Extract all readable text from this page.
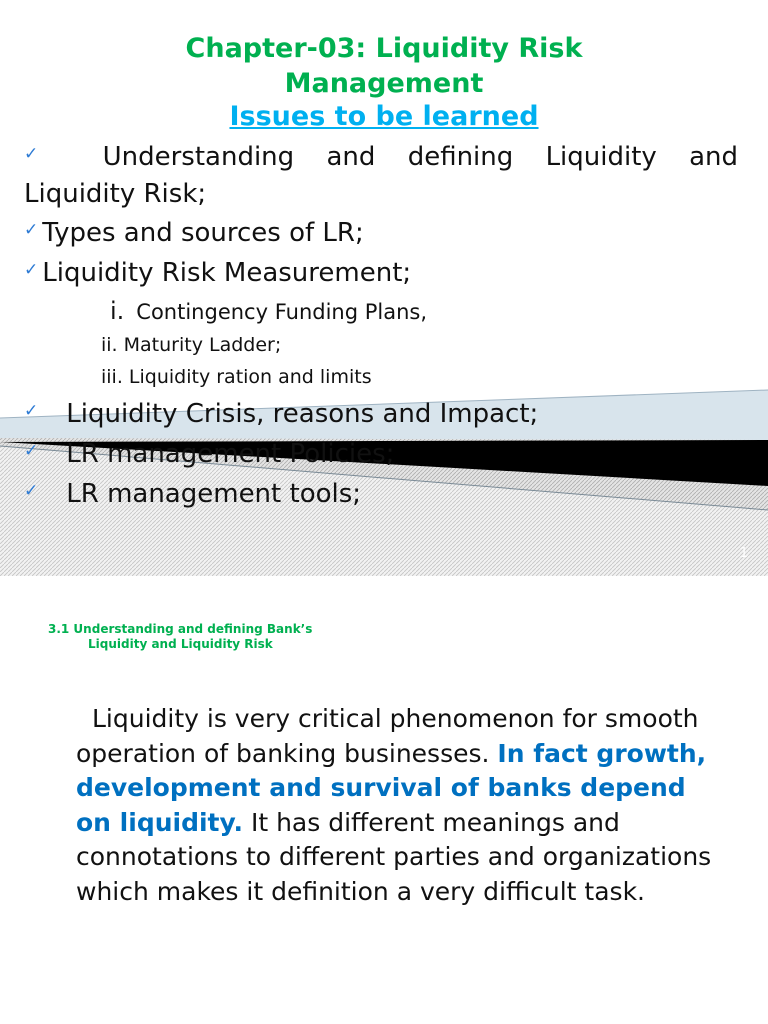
Chapter-03: Liquidity Risk
Management
Issues to be learned
✓ Understanding and defining Liquidity and
Liquidity Risk;
✓ Types and sources of LR;
✓ Liquidity Risk Measurement;
i. Contingency Funding Plans,
ii. Maturity Ladder;
iii. Liquidity ration and limits
✓ Liquidity Crisis, reasons and Impact;
✓ LR management Policies;
✓ LR management tools;
1
3.1 Understanding and defining Bank’s
Liquidity and Liquidity Risk
Liquidity is very critical phenomenon for smooth operation of banking businesses. In fact growth, development and survival of banks depend on liquidity. It has different meanings and connotations to different parties and organizations which makes it definition a very difficult task.
